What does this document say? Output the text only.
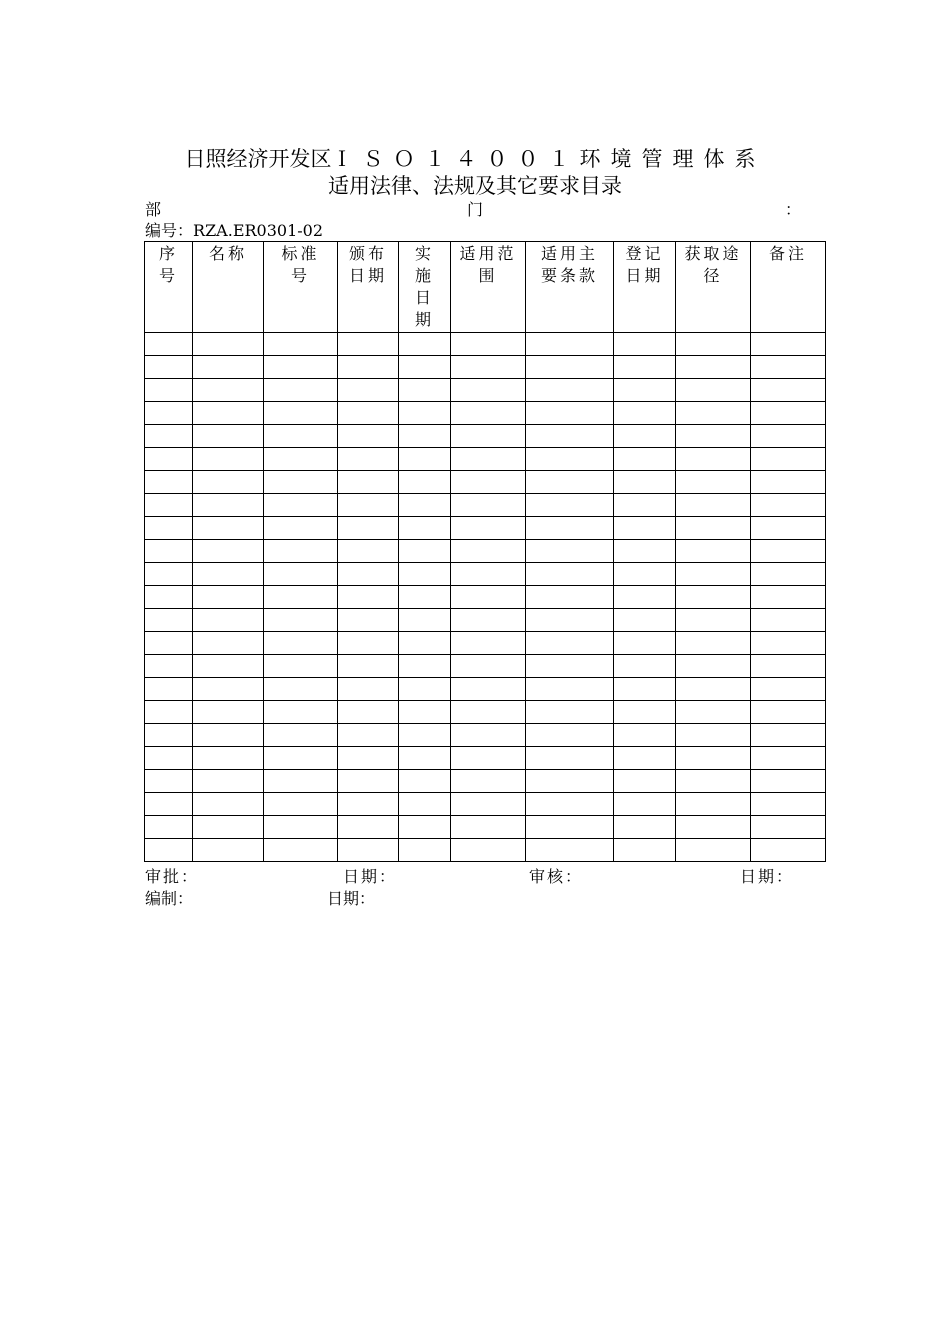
日照经济开发区ＩＳＯ１４００１环境管理体系
适用法律、法规及其它要求目录
部	门	：
编号：RZA.ER0301-02
序号	名称	标准号	颁布日期	实施日期	适用范围	适用主要条款	登记日期	获取途径	备注

审批：	日期：	审核：	日期：
编制：	日期：
